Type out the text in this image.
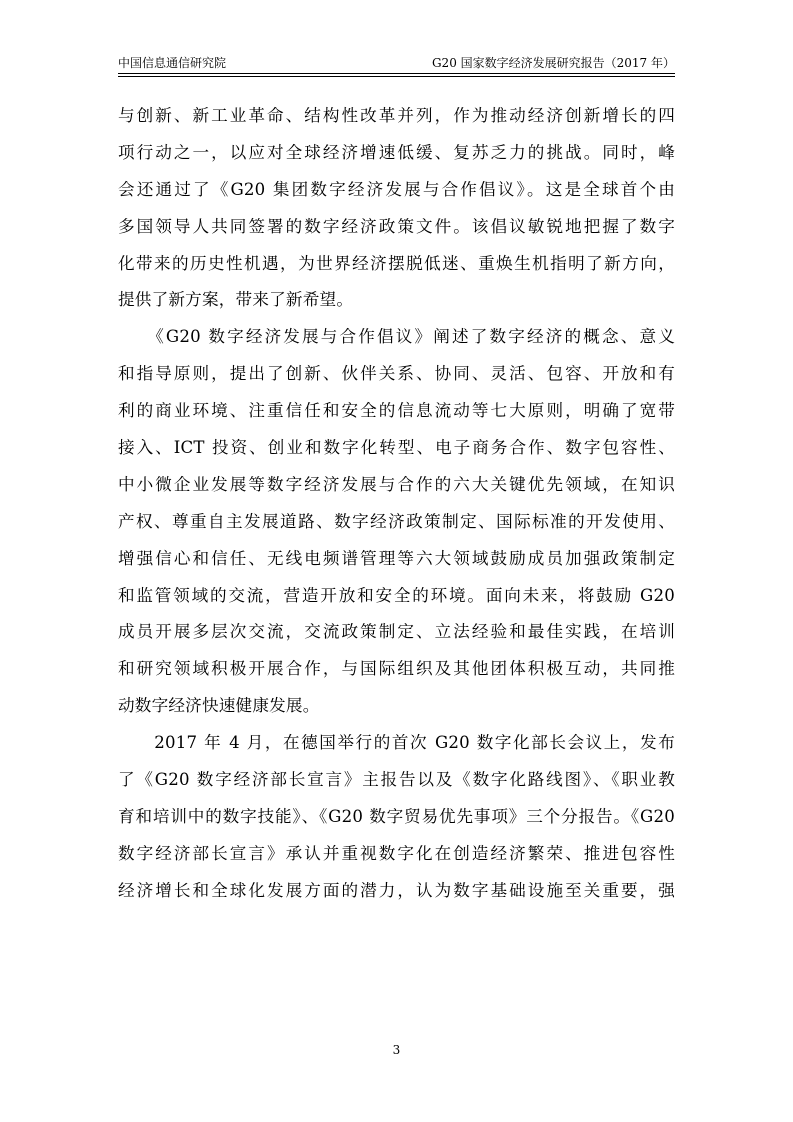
中国信息通信研究院	G20 国家数字经济发展研究报告（2017 年）
与创新、新工业革命、结构性改革并列，作为推动经济创新增长的四
项行动之一，以应对全球经济增速低缓、复苏乏力的挑战。同时，峰
会还通过了《G20 集团数字经济发展与合作倡议》。这是全球首个由
多国领导人共同签署的数字经济政策文件。该倡议敏锐地把握了数字
化带来的历史性机遇，为世界经济摆脱低迷、重焕生机指明了新方向，
提供了新方案，带来了新希望。
　　《G20 数字经济发展与合作倡议》阐述了数字经济的概念、意义
和指导原则，提出了创新、伙伴关系、协同、灵活、包容、开放和有
利的商业环境、注重信任和安全的信息流动等七大原则，明确了宽带
接入、ICT 投资、创业和数字化转型、电子商务合作、数字包容性、
中小微企业发展等数字经济发展与合作的六大关键优先领域，在知识
产权、尊重自主发展道路、数字经济政策制定、国际标准的开发使用、
增强信心和信任、无线电频谱管理等六大领域鼓励成员加强政策制定
和监管领域的交流，营造开放和安全的环境。面向未来，将鼓励 G20
成员开展多层次交流，交流政策制定、立法经验和最佳实践，在培训
和研究领域积极开展合作，与国际组织及其他团体积极互动，共同推
动数字经济快速健康发展。
　　2017 年 4 月，在德国举行的首次 G20 数字化部长会议上，发布
了《G20 数字经济部长宣言》主报告以及《数字化路线图》、《职业教
育和培训中的数字技能》、《G20 数字贸易优先事项》三个分报告。《G20
数字经济部长宣言》承认并重视数字化在创造经济繁荣、推进包容性
经济增长和全球化发展方面的潜力，认为数字基础设施至关重要，强
3
